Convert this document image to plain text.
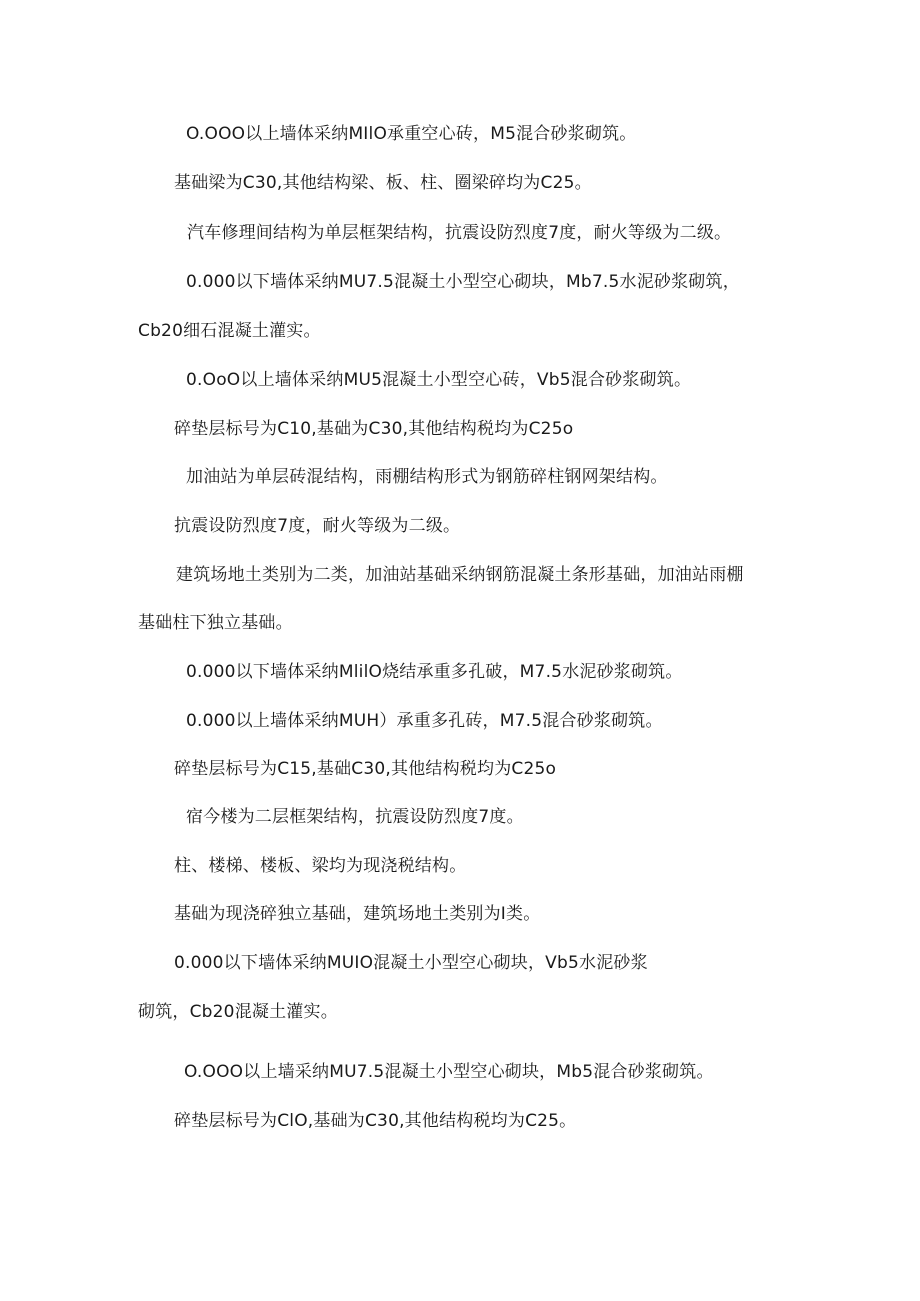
O.OOO以上墙体采纳MIlO承重空心砖，M5混合砂浆砌筑。
基础梁为C30,其他结构梁、板、柱、圈梁碎均为C25。
汽车修理间结构为单层框架结构，抗震设防烈度7度，耐火等级为二级。
0.000以下墙体采纳MU7.5混凝土小型空心砌块，Mb7.5水泥砂浆砌筑，
Cb20细石混凝土灌实。
0.OoO以上墙体采纳MU5混凝土小型空心砖，Vb5混合砂浆砌筑。
碎垫层标号为C10,基础为C30,其他结构税均为C25o
加油站为单层砖混结构，雨棚结构形式为钢筋碎柱钢网架结构。
抗震设防烈度7度，耐火等级为二级。
建筑场地土类别为二类，加油站基础采纳钢筋混凝土条形基础，加油站雨棚
基础柱下独立基础。
0.000以下墙体采纳MlilO烧结承重多孔破，M7.5水泥砂浆砌筑。
0.000以上墙体采纳MUH）承重多孔砖，M7.5混合砂浆砌筑。
碎垫层标号为C15,基础C30,其他结构税均为C25o
宿今楼为二层框架结构，抗震设防烈度7度。
柱、楼梯、楼板、梁均为现浇税结构。
基础为现浇碎独立基础，建筑场地土类别为I类。
0.000以下墙体采纳MUIO混凝土小型空心砌块，Vb5水泥砂浆
砌筑，Cb20混凝土灌实。
O.OOO以上墙采纳MU7.5混凝土小型空心砌块，Mb5混合砂浆砌筑。
碎垫层标号为ClO,基础为C30,其他结构税均为C25。
